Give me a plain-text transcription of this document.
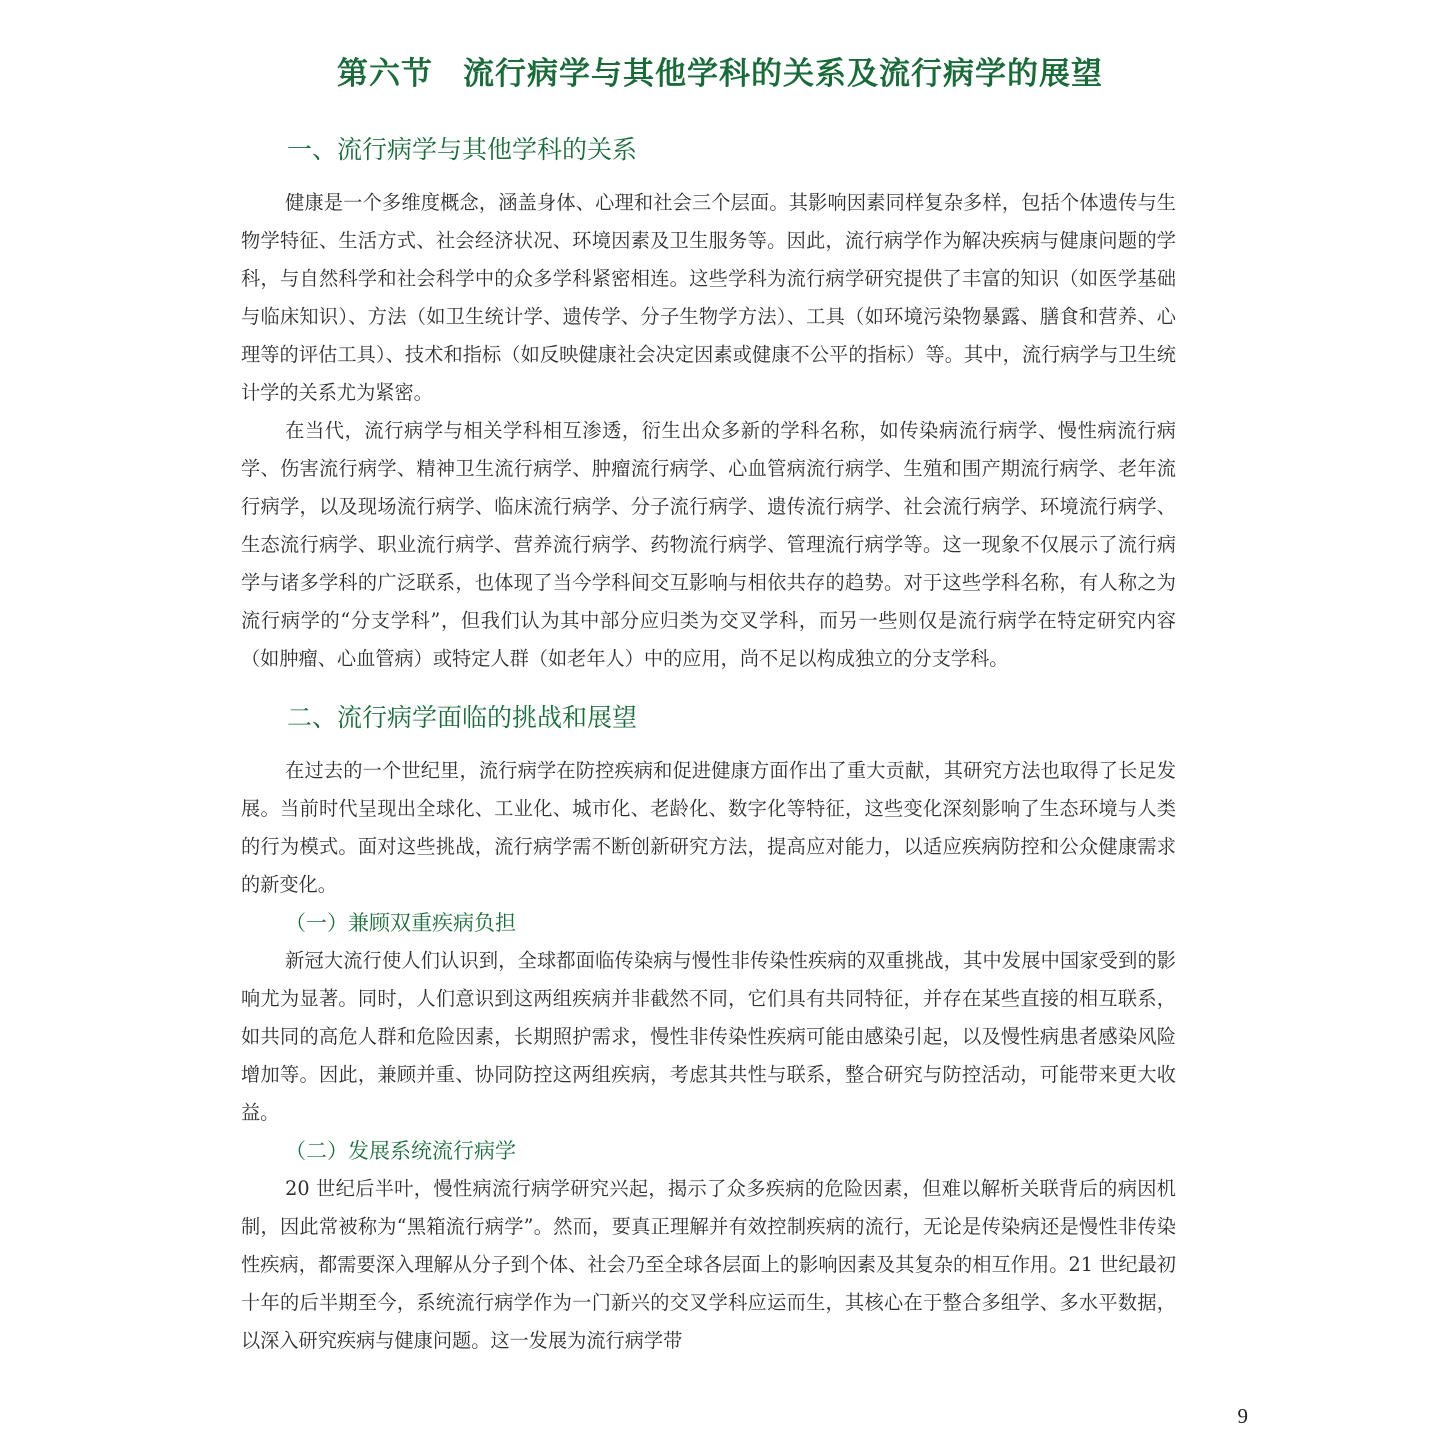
第六节 流行病学与其他学科的关系及流行病学的展望
一、流行病学与其他学科的关系

健康是一个多维度概念，涵盖身体、心理和社会三个层面。其影响因素同样复杂多样，包括个体遗传与生物学特征、生活方式、社会经济状况、环境因素及卫生服务等。因此，流行病学作为解决疾病与健康问题的学科，与自然科学和社会科学中的众多学科紧密相连。这些学科为流行病学研究提供了丰富的知识（如医学基础与临床知识）、方法（如卫生统计学、遗传学、分子生物学方法）、工具（如环境污染物暴露、膳食和营养、心理等的评估工具）、技术和指标（如反映健康社会决定因素或健康不公平的指标）等。其中，流行病学与卫生统计学的关系尤为紧密。

在当代，流行病学与相关学科相互渗透，衍生出众多新的学科名称，如传染病流行病学、慢性病流行病学、伤害流行病学、精神卫生流行病学、肿瘤流行病学、心血管病流行病学、生殖和围产期流行病学、老年流行病学，以及现场流行病学、临床流行病学、分子流行病学、遗传流行病学、社会流行病学、环境流行病学、生态流行病学、职业流行病学、营养流行病学、药物流行病学、管理流行病学等。这一现象不仅展示了流行病学与诸多学科的广泛联系，也体现了当今学科间交互影响与相依共存的趋势。对于这些学科名称，有人称之为流行病学的“分支学科”，但我们认为其中部分应归类为交叉学科，而另一些则仅是流行病学在特定研究内容（如肿瘤、心血管病）或特定人群（如老年人）中的应用，尚不足以构成独立的分支学科。

二、流行病学面临的挑战和展望

在过去的一个世纪里，流行病学在防控疾病和促进健康方面作出了重大贡献，其研究方法也取得了长足发展。当前时代呈现出全球化、工业化、城市化、老龄化、数字化等特征，这些变化深刻影响了生态环境与人类的行为模式。面对这些挑战，流行病学需不断创新研究方法，提高应对能力，以适应疾病防控和公众健康需求的新变化。

（一）兼顾双重疾病负担

新冠大流行使人们认识到，全球都面临传染病与慢性非传染性疾病的双重挑战，其中发展中国家受到的影响尤为显著。同时，人们意识到这两组疾病并非截然不同，它们具有共同特征，并存在某些直接的相互联系，如共同的高危人群和危险因素，长期照护需求，慢性非传染性疾病可能由感染引起，以及慢性病患者感染风险增加等。因此，兼顾并重、协同防控这两组疾病，考虑其共性与联系，整合研究与防控活动，可能带来更大收益。

（二）发展系统流行病学

20 世纪后半叶，慢性病流行病学研究兴起，揭示了众多疾病的危险因素，但难以解析关联背后的病因机制，因此常被称为“黑箱流行病学”。然而，要真正理解并有效控制疾病的流行，无论是传染病还是慢性非传染性疾病，都需要深入理解从分子到个体、社会乃至全球各层面上的影响因素及其复杂的相互作用。21 世纪最初十年的后半期至今，系统流行病学作为一门新兴的交叉学科应运而生，其核心在于整合多组学、多水平数据，以深入研究疾病与健康问题。这一发展为流行病学带

9
